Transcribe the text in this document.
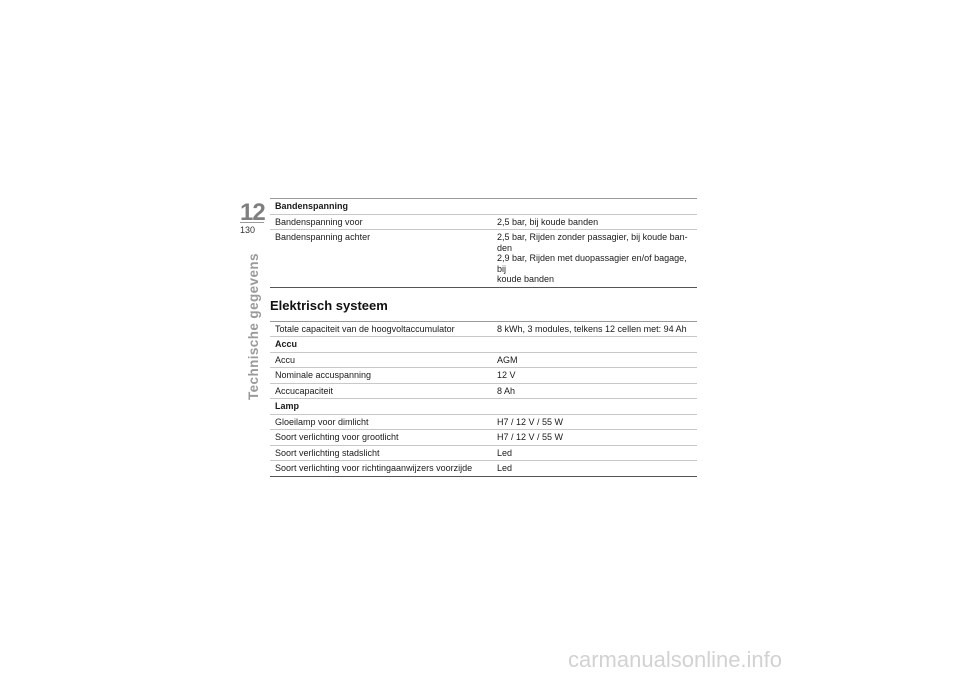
12
130
Technische gegevens
Bandenspanning	
Bandenspanning voor	2,5 bar, bij koude banden
Bandenspanning achter	2,5 bar, Rijden zonder passagier, bij koude ban-
den
2,9 bar, Rijden met duopassagier en/of bagage, bij
koude banden
Elektrisch systeem
Totale capaciteit van de hoogvoltaccumulator	8 kWh, 3 modules, telkens 12 cellen met: 94 Ah
Accu	
Accu	AGM
Nominale accuspanning	12 V
Accucapaciteit	8 Ah
Lamp	
Gloeilamp voor dimlicht	H7 / 12 V / 55 W
Soort verlichting voor grootlicht	H7 / 12 V / 55 W
Soort verlichting stadslicht	Led
Soort verlichting voor richtingaanwijzers voorzijde	Led
carmanualsonline.info
